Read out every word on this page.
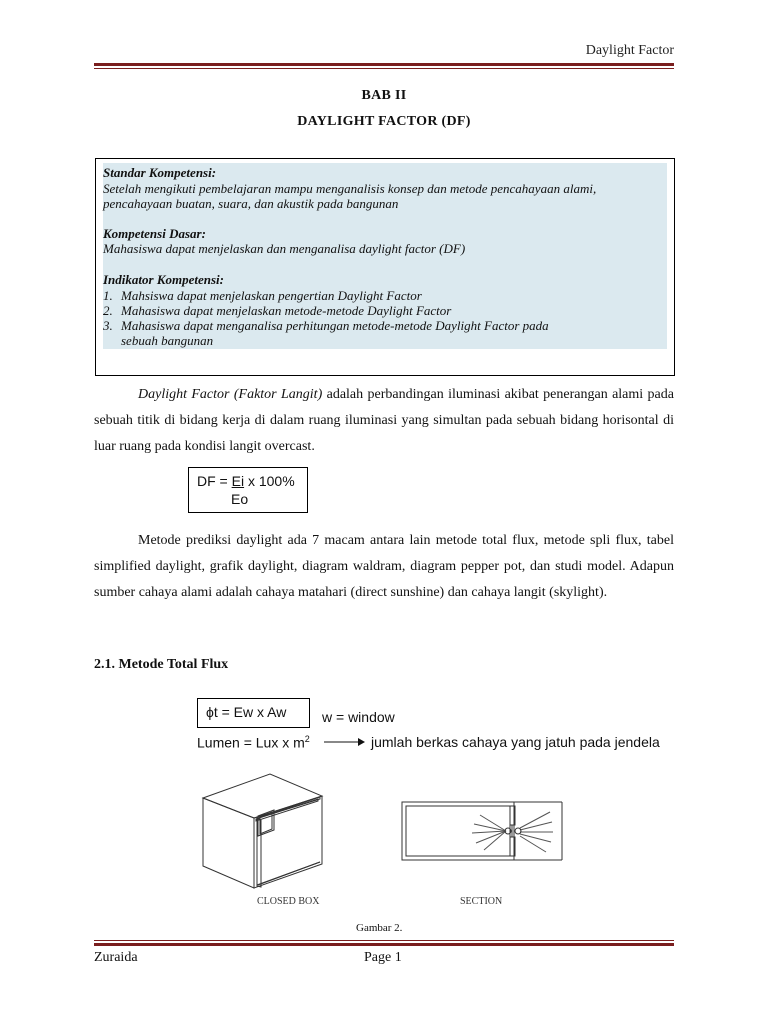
Daylight Factor
BAB II
DAYLIGHT FACTOR (DF)
Standar Kompetensi:
Setelah mengikuti pembelajaran mampu menganalisis konsep dan metode pencahayaan alami,
pencahayaan buatan, suara, dan akustik pada bangunan
Kompetensi Dasar:
Mahasiswa dapat menjelaskan dan menganalisa daylight factor (DF)
Indikator Kompetensi:
1. Mahsiswa dapat menjelaskan pengertian Daylight Factor
2. Mahasiswa dapat menjelaskan metode-metode Daylight Factor
3. Mahasiswa dapat menganalisa perhitungan metode-metode Daylight Factor pada
sebuah bangunan
Daylight Factor (Faktor Langit) adalah perbandingan iluminasi akibat penerangan alami pada sebuah titik di bidang kerja di dalam ruang iluminasi yang simultan pada sebuah bidang horisontal di luar ruang pada kondisi langit overcast.
DF = Ei x 100%
Eo
Metode prediksi daylight ada 7 macam antara lain metode total flux, metode spli flux, tabel simplified daylight, grafik daylight, diagram waldram, diagram pepper pot, dan studi model. Adapun sumber cahaya alami adalah cahaya matahari (direct sunshine) dan cahaya langit (skylight).
2.1. Metode Total Flux
ϕt = Ew x Aw	w = window
Lumen = Lux x $m^2$	jumlah berkas cahaya yang jatuh pada jendela
CLOSED BOX	SECTION
Gambar 2.
Zuraida	Page 1
